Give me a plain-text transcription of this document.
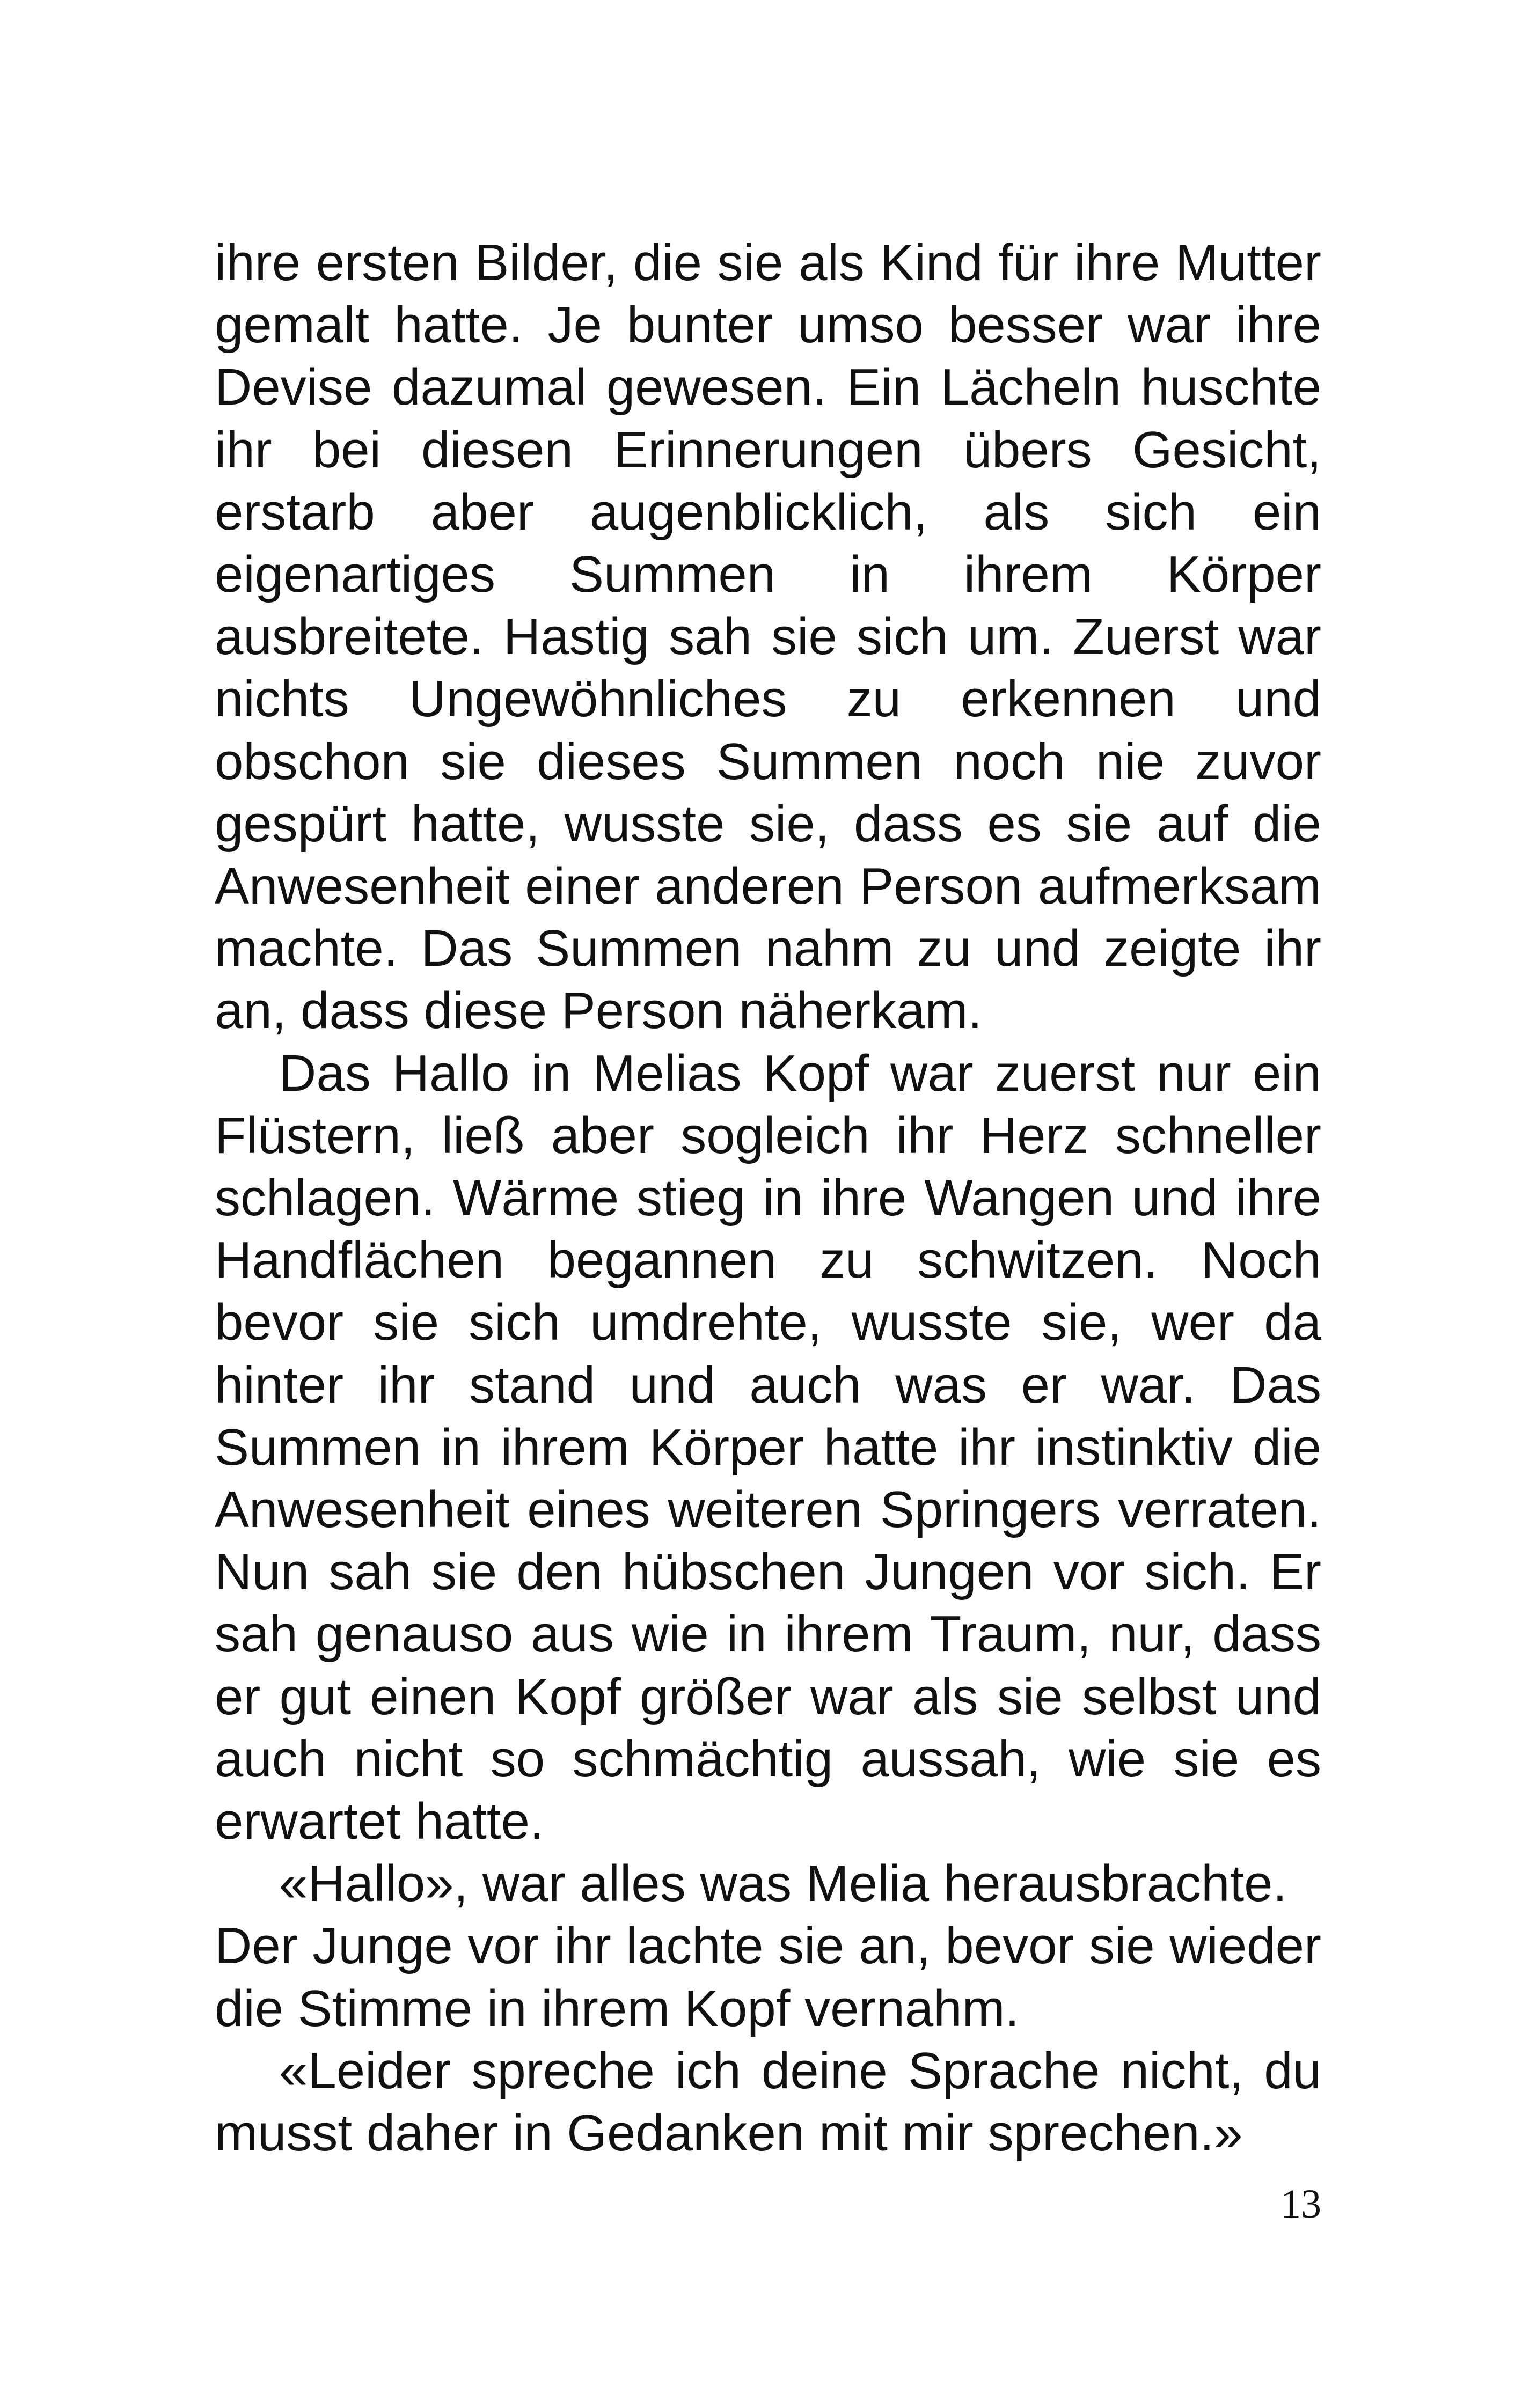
ihre ersten Bilder, die sie als Kind für ihre Mutter gemalt hatte. Je bunter umso besser war ihre Devise dazumal gewesen. Ein Lächeln huschte ihr bei diesen Erinnerungen übers Gesicht, erstarb aber augenblicklich, als sich ein eigenartiges Summen in ihrem Körper ausbreitete. Hastig sah sie sich um. Zuerst war nichts Ungewöhnliches zu erkennen und obschon sie dieses Summen noch nie zuvor gespürt hatte, wusste sie, dass es sie auf die Anwesenheit einer anderen Person aufmerksam machte. Das Summen nahm zu und zeigte ihr an, dass diese Person näherkam.

Das Hallo in Melias Kopf war zuerst nur ein Flüstern, ließ aber sogleich ihr Herz schneller schlagen. Wärme stieg in ihre Wangen und ihre Handflächen begannen zu schwitzen. Noch bevor sie sich umdrehte, wusste sie, wer da hinter ihr stand und auch was er war. Das Summen in ihrem Körper hatte ihr instinktiv die Anwesenheit eines weiteren Springers verraten. Nun sah sie den hübschen Jungen vor sich. Er sah genauso aus wie in ihrem Traum, nur, dass er gut einen Kopf größer war als sie selbst und auch nicht so schmächtig aussah, wie sie es erwartet hatte.

«Hallo», war alles was Melia herausbrachte.

Der Junge vor ihr lachte sie an, bevor sie wieder die Stimme in ihrem Kopf vernahm.

«Leider spreche ich deine Sprache nicht, du musst daher in Gedanken mit mir sprechen.»

13
